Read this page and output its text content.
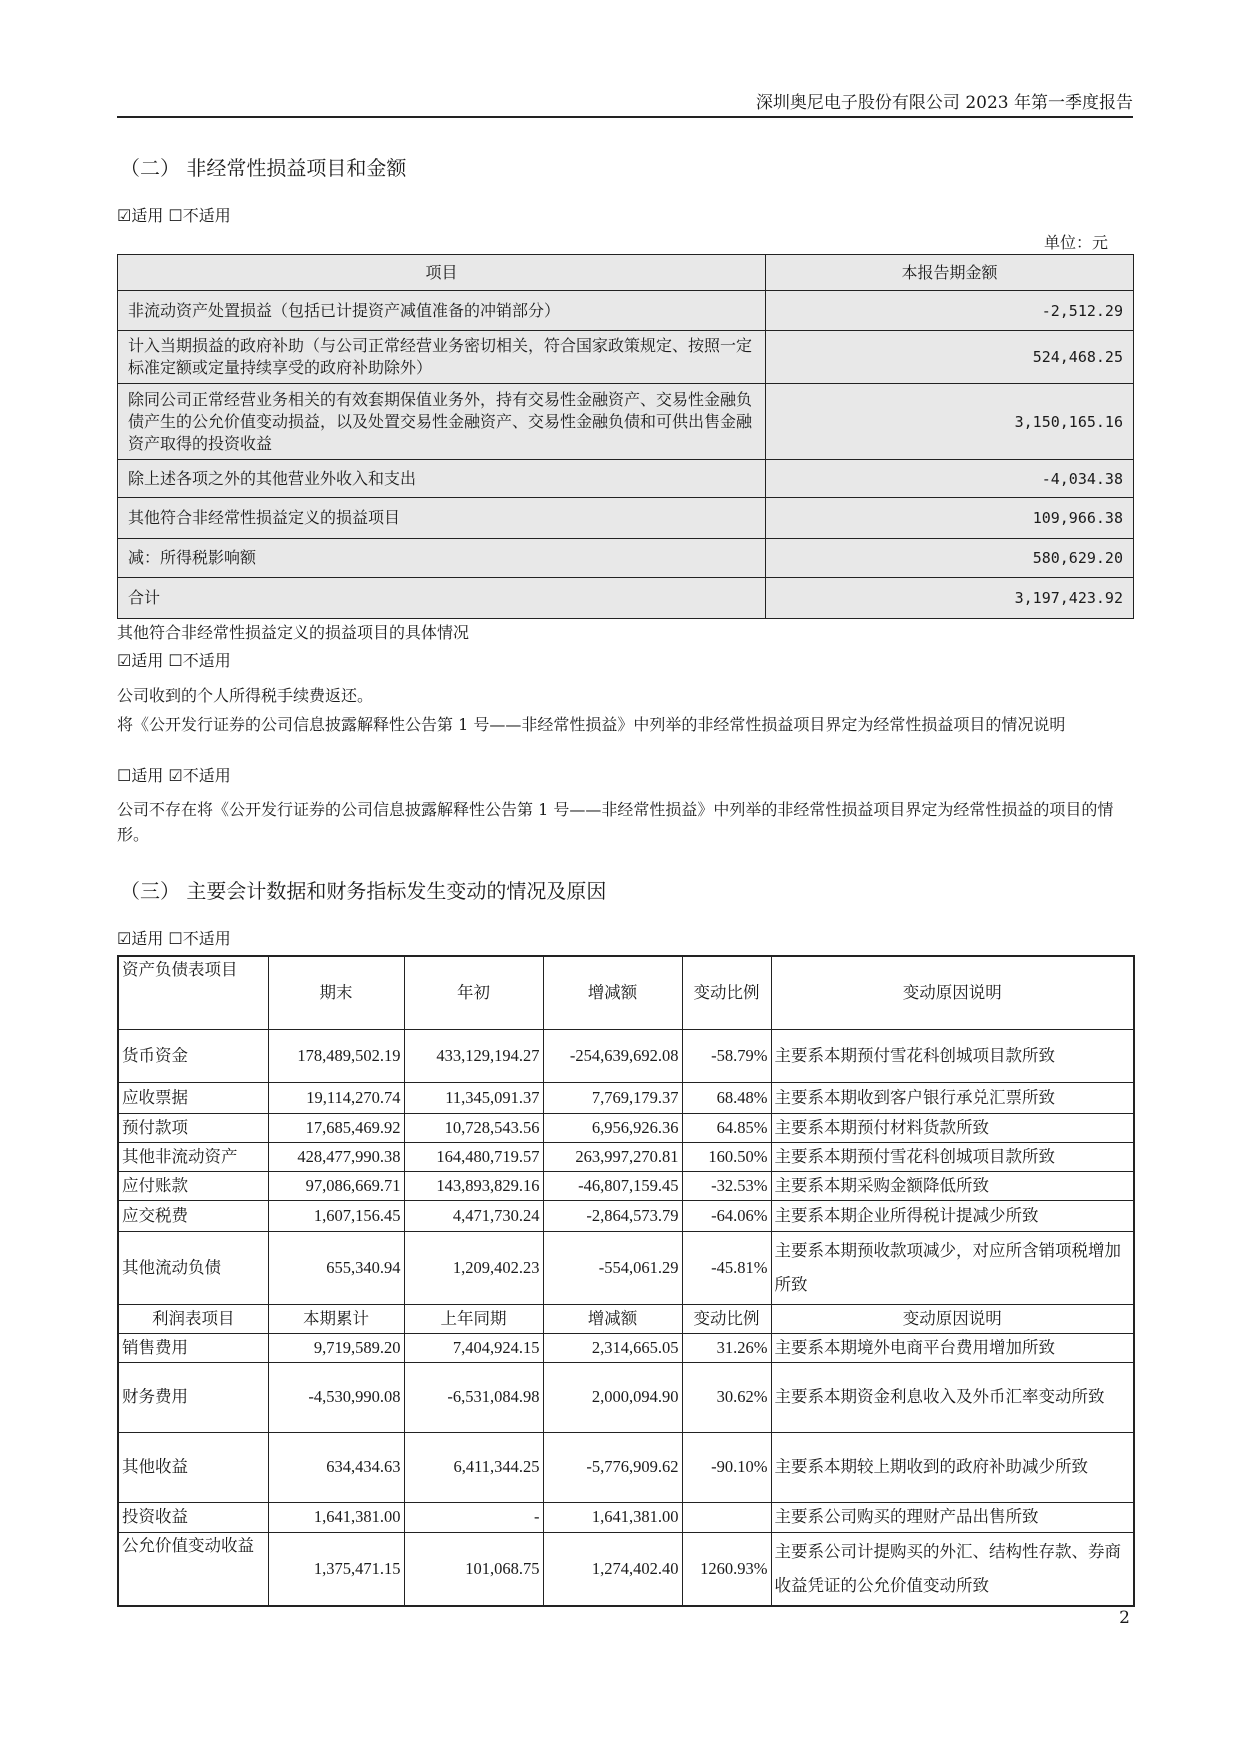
深圳奥尼电子股份有限公司 2023 年第一季度报告
（二） 非经常性损益项目和金额
☑适用 ☐不适用
单位：元
项目	本报告期金额
非流动资产处置损益（包括已计提资产减值准备的冲销部分）	-2,512.29
计入当期损益的政府补助（与公司正常经营业务密切相关，符合国家政策规定、按照一定标准定额或定量持续享受的政府补助除外）	524,468.25
除同公司正常经营业务相关的有效套期保值业务外，持有交易性金融资产、交易性金融负债产生的公允价值变动损益，以及处置交易性金融资产、交易性金融负债和可供出售金融资产取得的投资收益	3,150,165.16
除上述各项之外的其他营业外收入和支出	-4,034.38
其他符合非经常性损益定义的损益项目	109,966.38
减：所得税影响额	580,629.20
合计	3,197,423.92
其他符合非经常性损益定义的损益项目的具体情况
☑适用 ☐不适用
公司收到的个人所得税手续费返还。
将《公开发行证券的公司信息披露解释性公告第 1 号——非经常性损益》中列举的非经常性损益项目界定为经常性损益项目的情况说明
☐适用 ☑不适用
公司不存在将《公开发行证券的公司信息披露解释性公告第 1 号——非经常性损益》中列举的非经常性损益项目界定为经常性损益的项目的情形。
（三） 主要会计数据和财务指标发生变动的情况及原因
☑适用 ☐不适用
资产负债表项目	期末	年初	增减额	变动比例	变动原因说明
货币资金	178,489,502.19	433,129,194.27	-254,639,692.08	-58.79%	主要系本期预付雪花科创城项目款所致
应收票据	19,114,270.74	11,345,091.37	7,769,179.37	68.48%	主要系本期收到客户银行承兑汇票所致
预付款项	17,685,469.92	10,728,543.56	6,956,926.36	64.85%	主要系本期预付材料货款所致
其他非流动资产	428,477,990.38	164,480,719.57	263,997,270.81	160.50%	主要系本期预付雪花科创城项目款所致
应付账款	97,086,669.71	143,893,829.16	-46,807,159.45	-32.53%	主要系本期采购金额降低所致
应交税费	1,607,156.45	4,471,730.24	-2,864,573.79	-64.06%	主要系本期企业所得税计提减少所致
其他流动负债	655,340.94	1,209,402.23	-554,061.29	-45.81%	主要系本期预收款项减少，对应所含销项税增加所致
利润表项目	本期累计	上年同期	增减额	变动比例	变动原因说明
销售费用	9,719,589.20	7,404,924.15	2,314,665.05	31.26%	主要系本期境外电商平台费用增加所致
财务费用	-4,530,990.08	-6,531,084.98	2,000,094.90	30.62%	主要系本期资金利息收入及外币汇率变动所致
其他收益	634,434.63	6,411,344.25	-5,776,909.62	-90.10%	主要系本期较上期收到的政府补助减少所致
投资收益	1,641,381.00	-	1,641,381.00		主要系公司购买的理财产品出售所致
公允价值变动收益	1,375,471.15	101,068.75	1,274,402.40	1260.93%	主要系公司计提购买的外汇、结构性存款、券商收益凭证的公允价值变动所致
2
